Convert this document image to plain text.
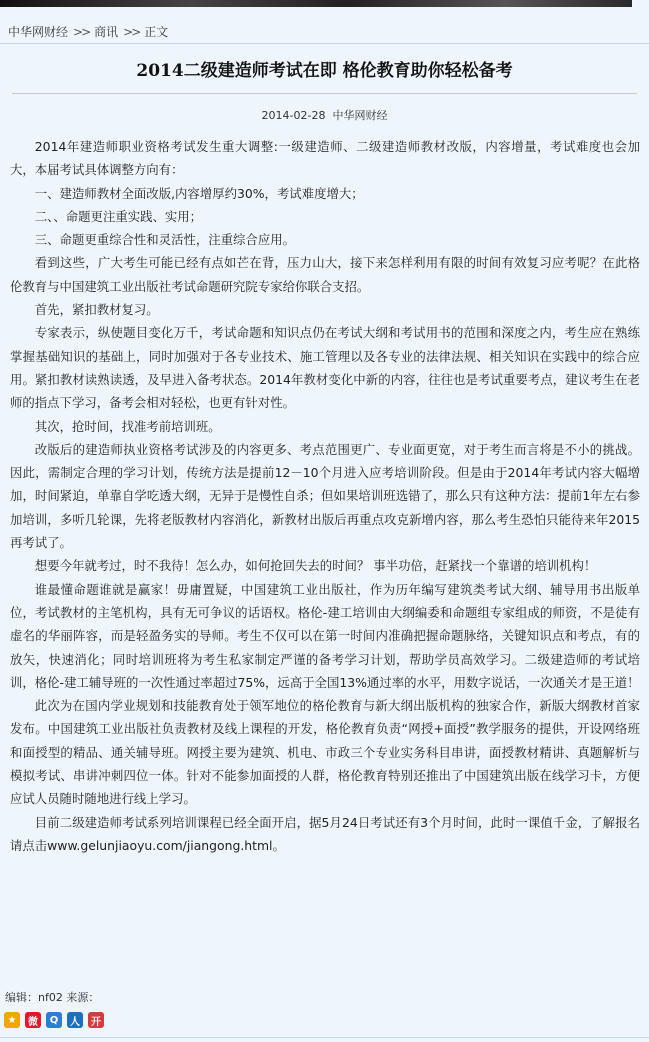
中华网财经 >> 商讯 >> 正文
2014二级建造师考试在即 格伦教育助你轻松备考
2014-02-28 中华网财经

2014年建造师职业资格考试发生重大调整:一级建造师、二级建造师教材改版，内容增量，考试难度也会加大，本届考试具体调整方向有：

一、建造师教材全面改版,内容增厚约30%，考试难度增大；

二、、命题更注重实践、实用；

三、命题更重综合性和灵活性，注重综合应用。

看到这些，广大考生可能已经有点如芒在背，压力山大，接下来怎样利用有限的时间有效复习应考呢？在此格伦教育与中国建筑工业出版社考试命题研究院专家给你联合支招。

首先，紧扣教材复习。

专家表示，纵使题目变化万千，考试命题和知识点仍在考试大纲和考试用书的范围和深度之内，考生应在熟练掌握基础知识的基础上，同时加强对于各专业技术、施工管理以及各专业的法律法规、相关知识在实践中的综合应用。紧扣教材读熟读透，及早进入备考状态。2014年教材变化中新的内容，往往也是考试重要考点，建议考生在老师的指点下学习，备考会相对轻松，也更有针对性。

其次，抢时间，找准考前培训班。

改版后的建造师执业资格考试涉及的内容更多、考点范围更广、专业面更宽，对于考生而言将是不小的挑战。因此，需制定合理的学习计划，传统方法是提前12－10个月进入应考培训阶段。但是由于2014年考试内容大幅增加，时间紧迫，单靠自学吃透大纲，无异于是慢性自杀；但如果培训班选错了，那么只有这种方法：提前1年左右参加培训，多听几轮课，先将老版教材内容消化，新教材出版后再重点攻克新增内容，那么考生恐怕只能待来年2015再考试了。

想要今年就考过，时不我待！怎么办，如何抢回失去的时间？ 事半功倍，赶紧找一个靠谱的培训机构！

谁最懂命题谁就是赢家！毋庸置疑，中国建筑工业出版社，作为历年编写建筑类考试大纲、辅导用书出版单位，考试教材的主笔机构，具有无可争议的话语权。格伦-建工培训由大纲编委和命题组专家组成的师资，不是徒有虚名的华丽阵容，而是轻盈务实的导师。考生不仅可以在第一时间内准确把握命题脉络，关键知识点和考点，有的放矢，快速消化；同时培训班将为考生私家制定严谨的备考学习计划，帮助学员高效学习。二级建造师的考试培训，格伦-建工辅导班的一次性通过率超过75%，远高于全国13%通过率的水平，用数字说话，一次通关才是王道！

此次为在国内学业规划和技能教育处于领军地位的格伦教育与新大纲出版机构的独家合作，新版大纲教材首家发布。中国建筑工业出版社负责教材及线上课程的开发，格伦教育负责“网授+面授”教学服务的提供，开设网络班和面授型的精品、通关辅导班。网授主要为建筑、机电、市政三个专业实务科目串讲，面授教材精讲、真题解析与模拟考试、串讲冲刺四位一体。针对不能参加面授的人群，格伦教育特别还推出了中国建筑出版在线学习卡，方便应试人员随时随地进行线上学习。

目前二级建造师考试系列培训课程已经全面开启，据5月24日考试还有3个月时间，此时一课值千金，了解报名请点击www.gelunjiaoyu.com/jiangong.html。

编辑：nf02 来源：
★	微	Q	人	开
